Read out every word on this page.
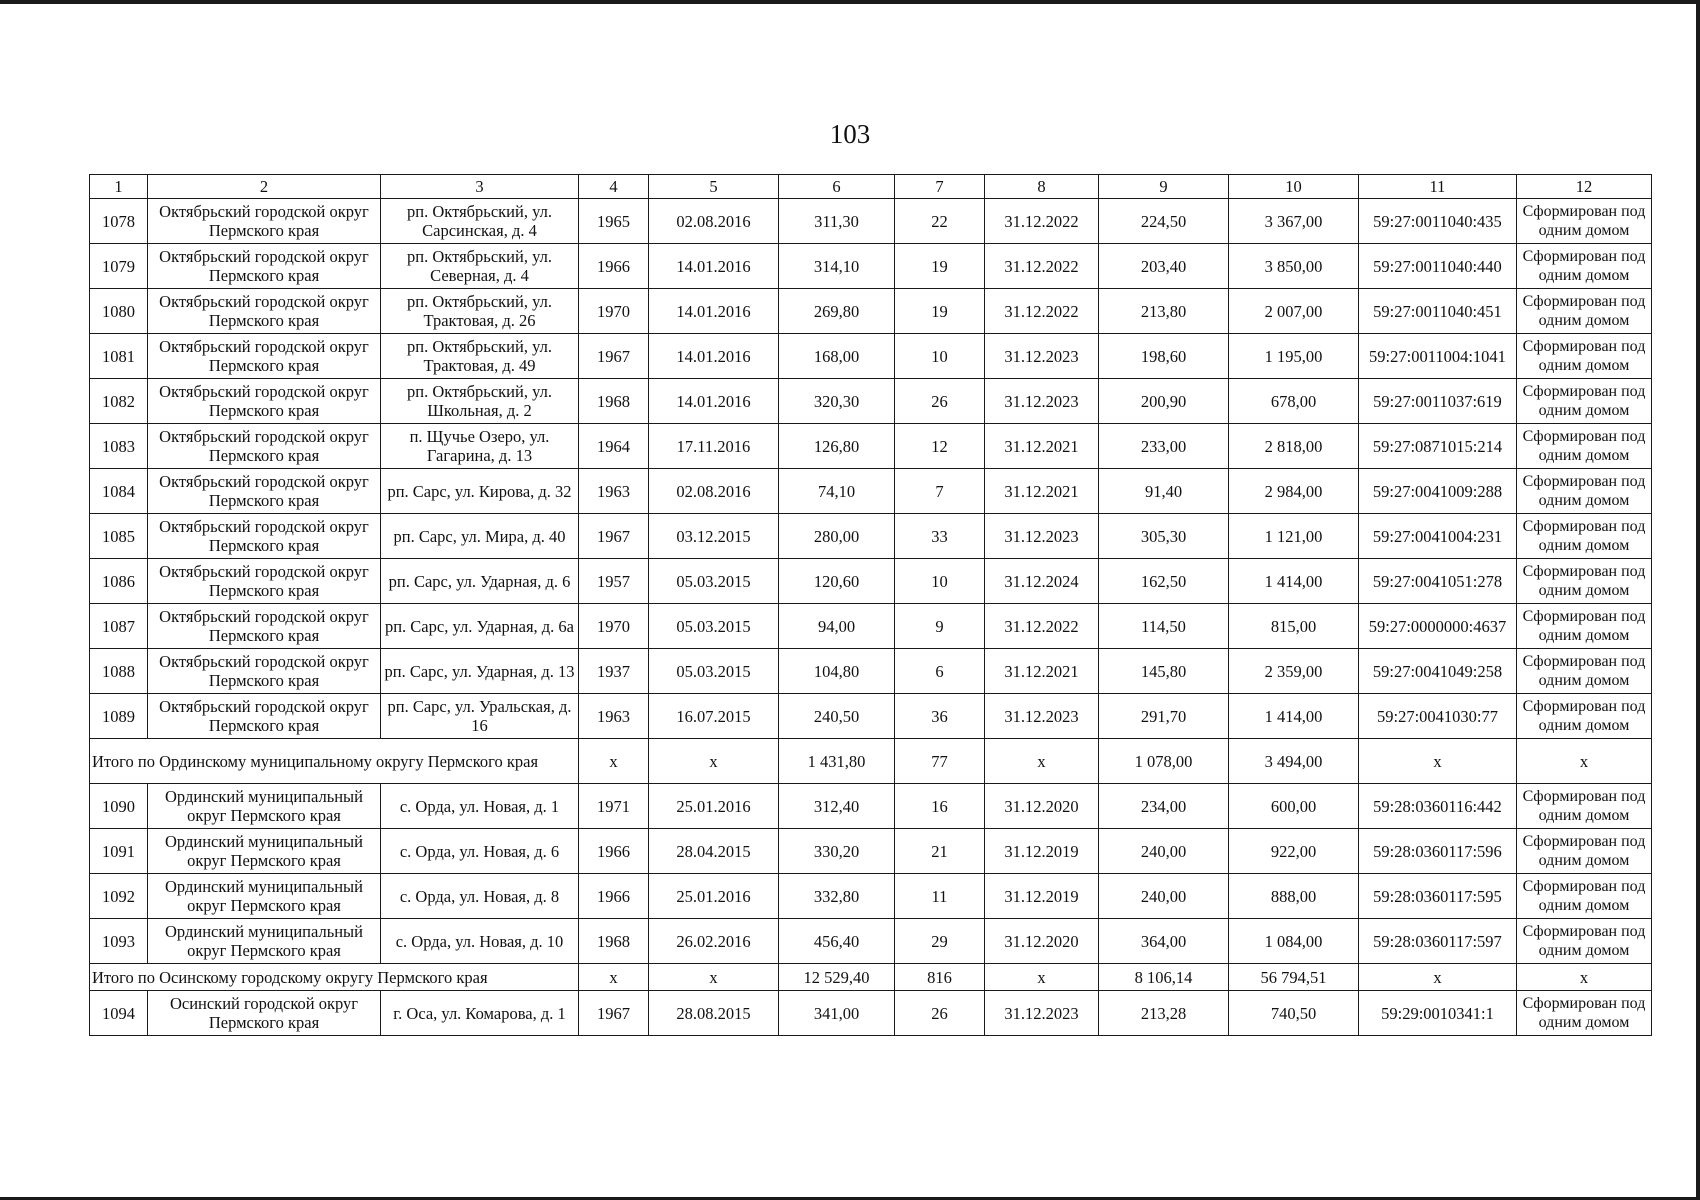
103
1	2	3	4	5	6	7	8	9	10	11	12
1078	Октябрьский городской округ Пермского края	рп. Октябрьский, ул. Сарсинская, д. 4	1965	02.08.2016	311,30	22	31.12.2022	224,50	3 367,00	59:27:0011040:435	Сформирован под одним домом
1079	Октябрьский городской округ Пермского края	рп. Октябрьский, ул. Северная, д. 4	1966	14.01.2016	314,10	19	31.12.2022	203,40	3 850,00	59:27:0011040:440	Сформирован под одним домом
1080	Октябрьский городской округ Пермского края	рп. Октябрьский, ул. Трактовая, д. 26	1970	14.01.2016	269,80	19	31.12.2022	213,80	2 007,00	59:27:0011040:451	Сформирован под одним домом
1081	Октябрьский городской округ Пермского края	рп. Октябрьский, ул. Трактовая, д. 49	1967	14.01.2016	168,00	10	31.12.2023	198,60	1 195,00	59:27:0011004:1041	Сформирован под одним домом
1082	Октябрьский городской округ Пермского края	рп. Октябрьский, ул. Школьная, д. 2	1968	14.01.2016	320,30	26	31.12.2023	200,90	678,00	59:27:0011037:619	Сформирован под одним домом
1083	Октябрьский городской округ Пермского края	п. Щучье Озеро, ул. Гагарина, д. 13	1964	17.11.2016	126,80	12	31.12.2021	233,00	2 818,00	59:27:0871015:214	Сформирован под одним домом
1084	Октябрьский городской округ Пермского края	рп. Сарс, ул. Кирова, д. 32	1963	02.08.2016	74,10	7	31.12.2021	91,40	2 984,00	59:27:0041009:288	Сформирован под одним домом
1085	Октябрьский городской округ Пермского края	рп. Сарс, ул. Мира, д. 40	1967	03.12.2015	280,00	33	31.12.2023	305,30	1 121,00	59:27:0041004:231	Сформирован под одним домом
1086	Октябрьский городской округ Пермского края	рп. Сарс, ул. Ударная, д. 6	1957	05.03.2015	120,60	10	31.12.2024	162,50	1 414,00	59:27:0041051:278	Сформирован под одним домом
1087	Октябрьский городской округ Пермского края	рп. Сарс, ул. Ударная, д. 6а	1970	05.03.2015	94,00	9	31.12.2022	114,50	815,00	59:27:0000000:4637	Сформирован под одним домом
1088	Октябрьский городской округ Пермского края	рп. Сарс, ул. Ударная, д. 13	1937	05.03.2015	104,80	6	31.12.2021	145,80	2 359,00	59:27:0041049:258	Сформирован под одним домом
1089	Октябрьский городской округ Пермского края	рп. Сарс, ул. Уральская, д. 16	1963	16.07.2015	240,50	36	31.12.2023	291,70	1 414,00	59:27:0041030:77	Сформирован под одним домом
Итого по Ординскому муниципальному округу Пермского края			х	х	1 431,80	77	х	1 078,00	3 494,00	х	х
1090	Ординский муниципальный округ Пермского края	с. Орда, ул. Новая, д. 1	1971	25.01.2016	312,40	16	31.12.2020	234,00	600,00	59:28:0360116:442	Сформирован под одним домом
1091	Ординский муниципальный округ Пермского края	с. Орда, ул. Новая, д. 6	1966	28.04.2015	330,20	21	31.12.2019	240,00	922,00	59:28:0360117:596	Сформирован под одним домом
1092	Ординский муниципальный округ Пермского края	с. Орда, ул. Новая, д. 8	1966	25.01.2016	332,80	11	31.12.2019	240,00	888,00	59:28:0360117:595	Сформирован под одним домом
1093	Ординский муниципальный округ Пермского края	с. Орда, ул. Новая, д. 10	1968	26.02.2016	456,40	29	31.12.2020	364,00	1 084,00	59:28:0360117:597	Сформирован под одним домом
Итого по Осинскому городскому округу Пермского края			х	х	12 529,40	816	х	8 106,14	56 794,51	х	х
1094	Осинский городской округ Пермского края	г. Оса, ул. Комарова, д. 1	1967	28.08.2015	341,00	26	31.12.2023	213,28	740,50	59:29:0010341:1	Сформирован под одним домом
